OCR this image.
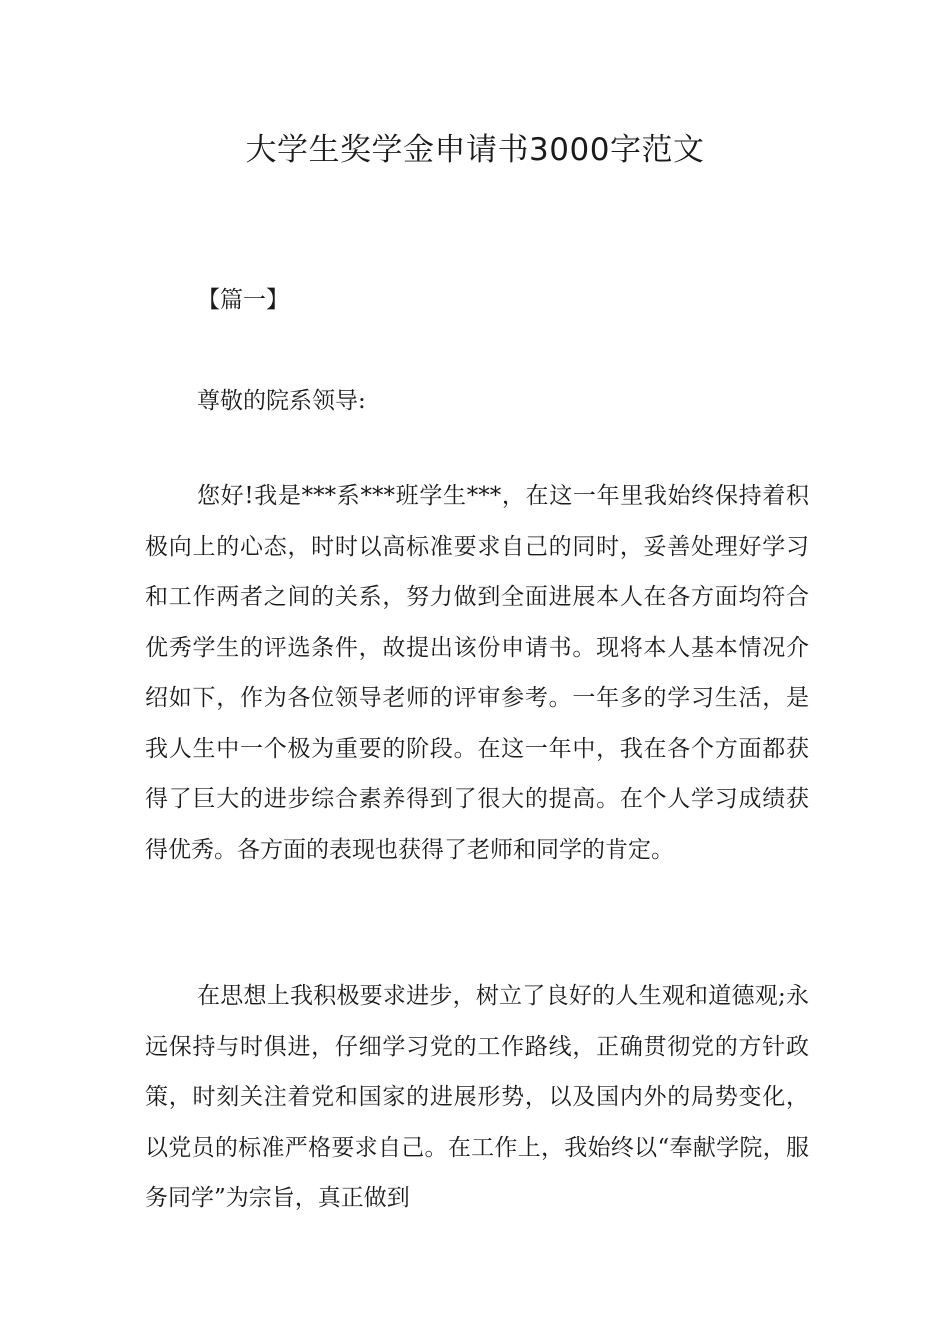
大学生奖学金申请书3000字范文

【篇一】

尊敬的院系领导:

您好!我是***系***班学生***，在这一年里我始终保持着积极向上的心态，时时以高标准要求自己的同时，妥善处理好学习和工作两者之间的关系，努力做到全面进展本人在各方面均符合优秀学生的评选条件，故提出该份申请书。现将本人基本情况介绍如下，作为各位领导老师的评审参考。一年多的学习生活，是我人生中一个极为重要的阶段。在这一年中，我在各个方面都获得了巨大的进步综合素养得到了很大的提高。在个人学习成绩获得优秀。各方面的表现也获得了老师和同学的肯定。

在思想上我积极要求进步，树立了良好的人生观和道德观;永远保持与时俱进，仔细学习党的工作路线，正确贯彻党的方针政策，时刻关注着党和国家的进展形势，以及国内外的局势变化，以党员的标准严格要求自己。在工作上，我始终以“奉献学院，服务同学”为宗旨，真正做到
